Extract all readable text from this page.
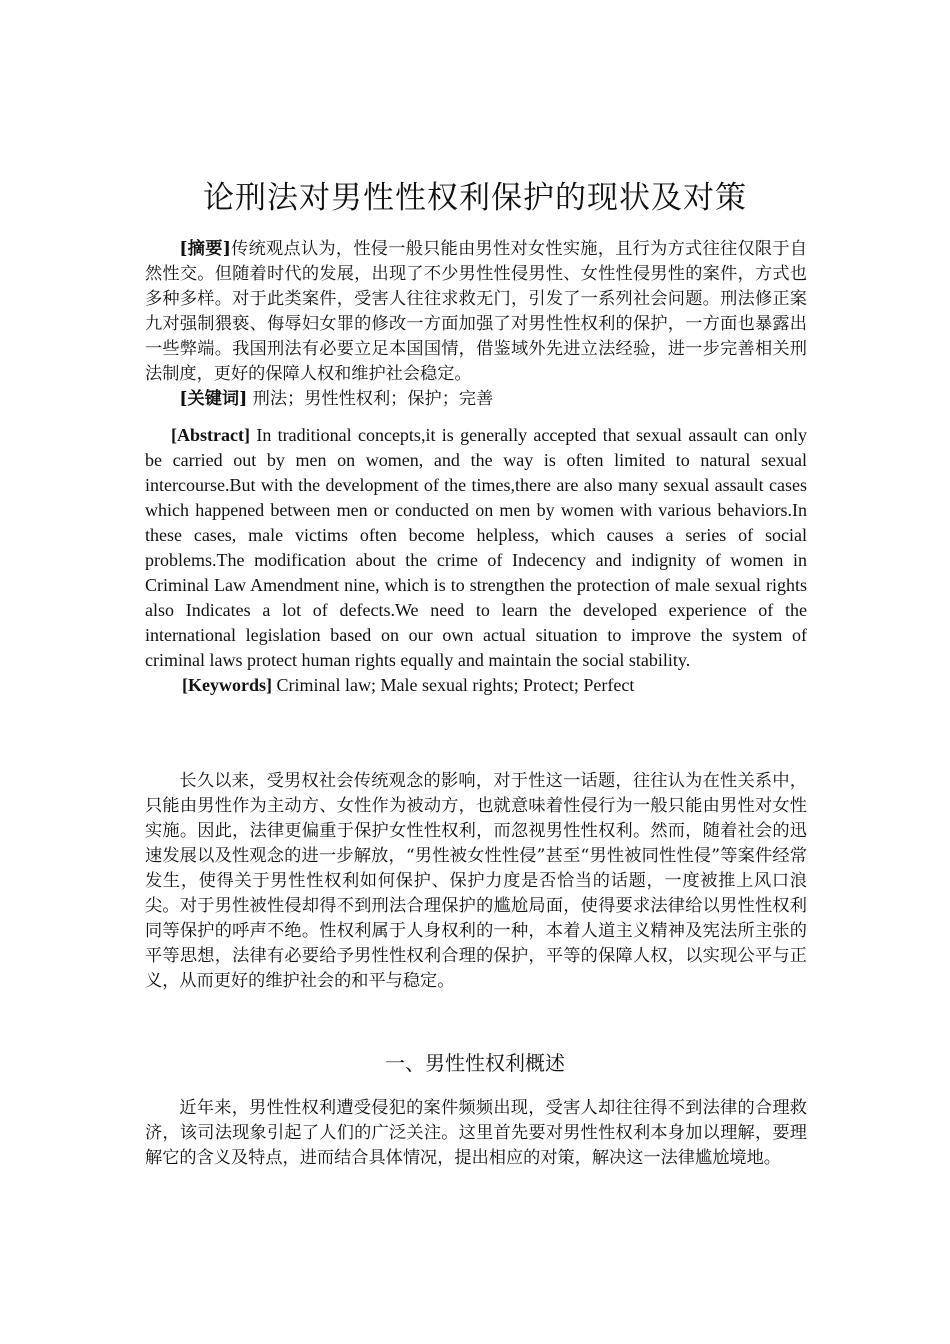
论刑法对男性性权利保护的现状及对策

[摘要]传统观点认为，性侵一般只能由男性对女性实施，且行为方式往往仅限于自然性交。但随着时代的发展，出现了不少男性性侵男性、女性性侵男性的案件，方式也多种多样。对于此类案件，受害人往往求救无门，引发了一系列社会问题。刑法修正案九对强制猥亵、侮辱妇女罪的修改一方面加强了对男性性权利的保护，一方面也暴露出一些弊端。我国刑法有必要立足本国国情，借鉴域外先进立法经验，进一步完善相关刑法制度，更好的保障人权和维护社会稳定。

[关键词] 刑法；男性性权利；保护；完善

[Abstract] In traditional concepts,it is generally accepted that sexual assault can only be carried out by men on women, and the way is often limited to natural sexual intercourse.But with the development of the times,there are also many sexual assault cases which happened between men or conducted on men by women with various behaviors.In these cases, male victims often become helpless, which causes a series of social problems.The modification about the crime of Indecency and indignity of women in Criminal Law Amendment nine, which is to strengthen the protection of male sexual rights also Indicates a lot of defects.We need to learn the developed experience of the international legislation based on our own actual situation to improve the system of criminal laws protect human rights equally and maintain the social stability.

[Keywords] Criminal law; Male sexual rights; Protect; Perfect

长久以来，受男权社会传统观念的影响，对于性这一话题，往往认为在性关系中，只能由男性作为主动方、女性作为被动方，也就意味着性侵行为一般只能由男性对女性实施。因此，法律更偏重于保护女性性权利，而忽视男性性权利。然而，随着社会的迅速发展以及性观念的进一步解放，“男性被女性性侵”甚至“男性被同性性侵”等案件经常发生，使得关于男性性权利如何保护、保护力度是否恰当的话题，一度被推上风口浪尖。对于男性被性侵却得不到刑法合理保护的尴尬局面，使得要求法律给以男性性权利同等保护的呼声不绝。性权利属于人身权利的一种，本着人道主义精神及宪法所主张的平等思想，法律有必要给予男性性权利合理的保护，平等的保障人权，以实现公平与正义，从而更好的维护社会的和平与稳定。

一、男性性权利概述

近年来，男性性权利遭受侵犯的案件频频出现，受害人却往往得不到法律的合理救济，该司法现象引起了人们的广泛关注。这里首先要对男性性权利本身加以理解，要理解它的含义及特点，进而结合具体情况，提出相应的对策，解决这一法律尴尬境地。
